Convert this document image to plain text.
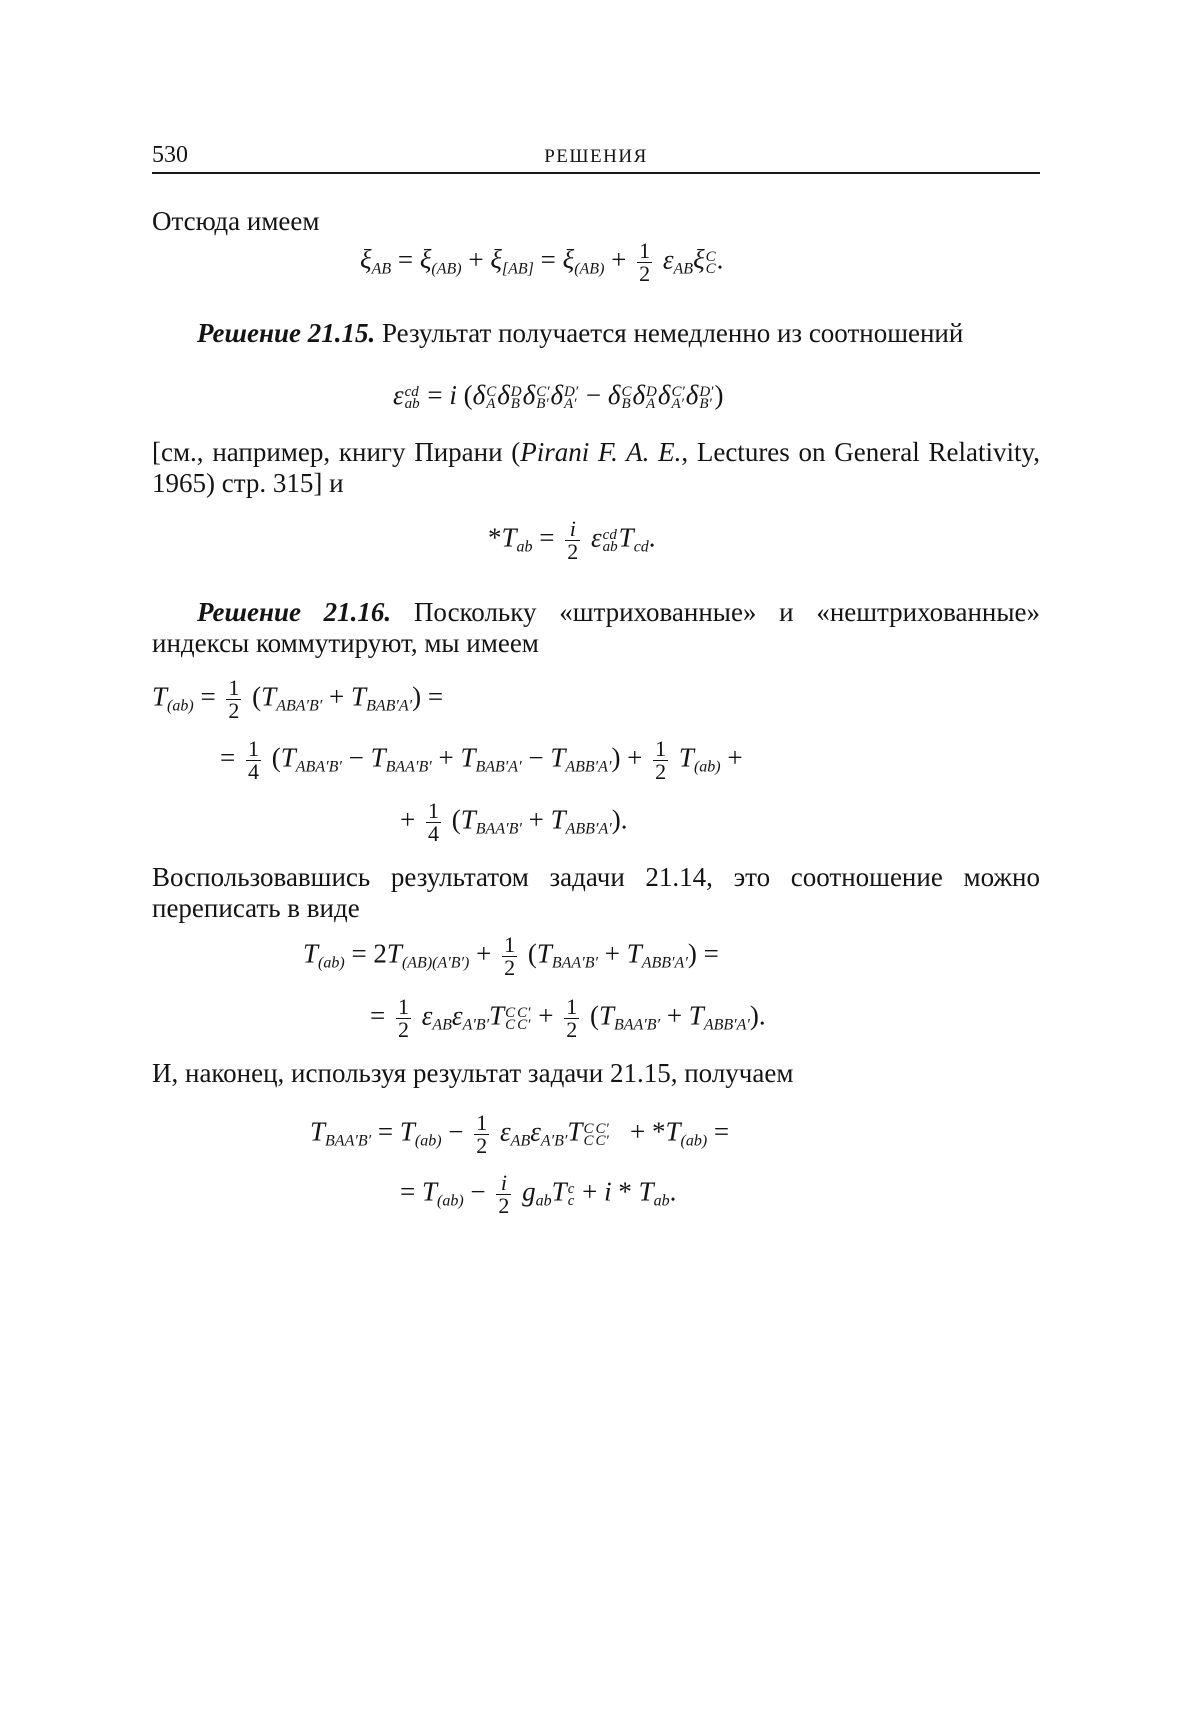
530	РЕШЕНИЯ
Отсюда имеем
$\xi_{AB} = \xi_{(AB)} + \xi_{[AB]} = \xi_{(AB)} + \frac{1}{2} \varepsilon_{AB}\xi$ C
C .
Решение 21.15. Результат получается немедленно из соотношений
ε cd
ab = i (δ C
A δ D
B δ C′
B′ δ D′
A′ − δ C
B δ D
A δ C′
A′ δ D′
B′ )
[см., например, книгу Пирани (Pirani F. A. E., Lectures on General Relativity, 1965) стр. 315] и
$*T_{ab} = \frac{i}{2}$ ε cd
ab $T_{cd}$.
Решение 21.16. Поскольку «штрихованные» и «нештрихованные» индексы коммутируют, мы имеем
$T_{(ab)} = \frac{1}{2} (T_{ABA'B'} + T_{BAB'A'})$ =
= $\frac{1}{4} (T_{ABA'B'} - T_{BAA'B'} + T_{BAB'A'} - T_{ABB'A'}) + \frac{1}{2} T_{(ab)}$ +
+ $\frac{1}{4} (T_{BAA'B'} + T_{ABB'A'})$.
Воспользовавшись результатом задачи 21.14, это соотношение можно переписать в виде
$T_{(ab)} = 2T_{(AB)(A'B')} + \frac{1}{2} (T_{BAA'B'} + T_{ABB'A'})$ =
= $\frac{1}{2} \varepsilon_{AB}\varepsilon_{A'B'}T$ C
C
C′
$C' + \frac{1}{2} (T_{BAA'B'} + T_{ABB'A'})$.
И, наконец, используя результат задачи 21.15, получаем
$T_{BAA'B'} = T_{(ab)} - \frac{1}{2} \varepsilon_{AB}\varepsilon_{A'B'}T$ C
C
C′
$C' + *T_{(ab)}$ =
= $T_{(ab)} - \frac{i}{2} g_{ab}T$ c
$c + i * T_{ab}$.
